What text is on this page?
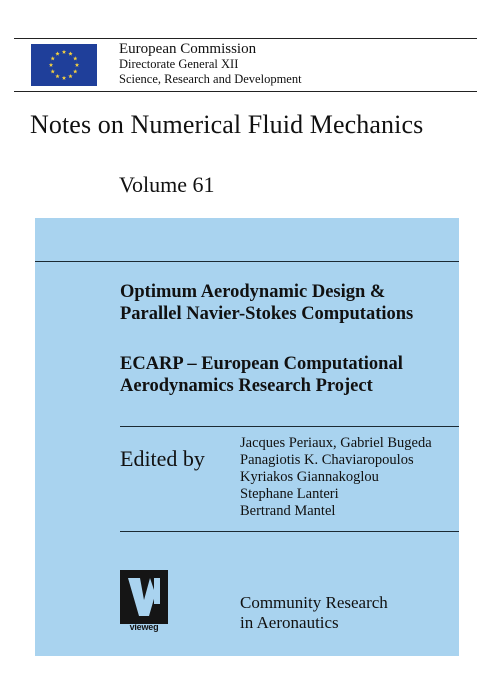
European Commission
Directorate General XII
Science, Research and Development
Notes on Numerical Fluid Mechanics
Volume 61
Optimum Aerodynamic Design &
Parallel Navier-Stokes Computations
ECARP – European Computational
Aerodynamics Research Project
Edited by
Jacques Periaux, Gabriel Bugeda
Panagiotis K. Chaviaropoulos
Kyriakos Giannakoglou
Stephane Lanteri
Bertrand Mantel
vieweg
Community Research
in Aeronautics
